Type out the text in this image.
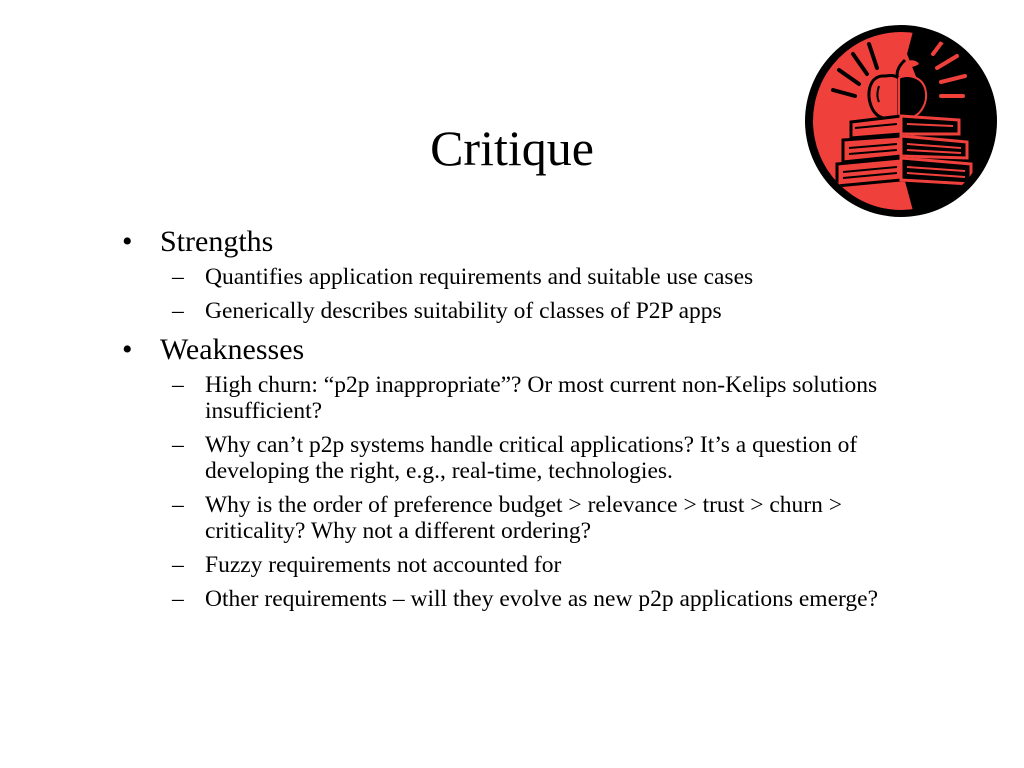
Critique
• Strengths
– Quantifies application requirements and suitable use cases
– Generically describes suitability of classes of P2P apps
• Weaknesses
– High churn: “p2p inappropriate”? Or most current non-Kelips solutions insufficient?
– Why can’t p2p systems handle critical applications? It’s a question of developing the right, e.g., real-time, technologies.
– Why is the order of preference budget > relevance > trust > churn > criticality? Why not a different ordering?
– Fuzzy requirements not accounted for
– Other requirements – will they evolve as new p2p applications emerge?
